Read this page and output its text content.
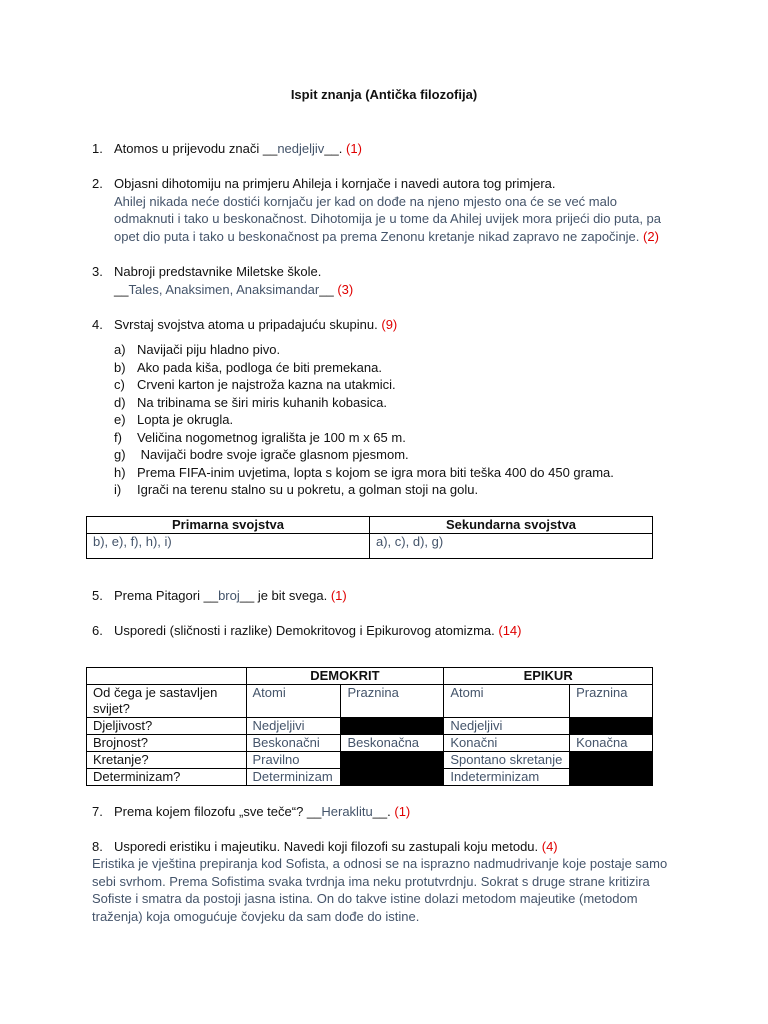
Ispit znanja (Antička filozofija)
1. Atomos u prijevodu znači __nedjeljiv__. (1)
2. Objasni dihotomiju na primjeru Ahileja i kornjače i navedi autora tog primjera.
Ahilej nikada neće dostići kornjaču jer kad on dođe na njeno mjesto ona će se već malo
odmaknuti i tako u beskonačnost. Dihotomija je u tome da Ahilej uvijek mora prijeći dio puta, pa
opet dio puta i tako u beskonačnost pa prema Zenonu kretanje nikad zapravo ne započinje. (2)
3. Nabroji predstavnike Miletske škole.
__Tales, Anaksimen, Anaksimandar__ (3)
4. Svrstaj svojstva atoma u pripadajuću skupinu. (9)
a) Navijači piju hladno pivo.
b) Ako pada kiša, podloga će biti premekana.
c) Crveni karton je najstroža kazna na utakmici.
d) Na tribinama se širi miris kuhanih kobasica.
e) Lopta je okrugla.
f) Veličina nogometnog igrališta je 100 m x 65 m.
g) Navijači bodre svoje igrače glasnom pjesmom.
h) Prema FIFA-inim uvjetima, lopta s kojom se igra mora biti teška 400 do 450 grama.
i) Igrači na terenu stalno su u pokretu, a golman stoji na golu.
Primarna svojstva	Sekundarna svojstva
b), e), f), h), i)	a), c), d), g)
5. Prema Pitagori __broj__ je bit svega. (1)
6. Usporedi (sličnosti i razlike) Demokritovog i Epikurovog atomizma. (14)
	DEMOKRIT		EPIKUR	
Od čega je sastavljen svijet?	Atomi	Praznina	Atomi	Praznina
Djeljivost?	Nedjeljivi		Nedjeljivi	
Brojnost?	Beskonačni	Beskonačna	Konačni	Konačna
Kretanje?	Pravilno		Spontano skretanje	
Determinizam?	Determinizam		Indeterminizam	
7. Prema kojem filozofu „sve teče“? __Heraklitu__. (1)
8. Usporedi eristiku i majeutiku. Navedi koji filozofi su zastupali koju metodu. (4)
Eristika je vještina prepiranja kod Sofista, a odnosi se na isprazno nadmudrivanje koje postaje samo
sebi svrhom. Prema Sofistima svaka tvrdnja ima neku protutvrdnju. Sokrat s druge strane kritizira
Sofiste i smatra da postoji jasna istina. On do takve istine dolazi metodom majeutike (metodom
traženja) koja omogućuje čovjeku da sam dođe do istine.
